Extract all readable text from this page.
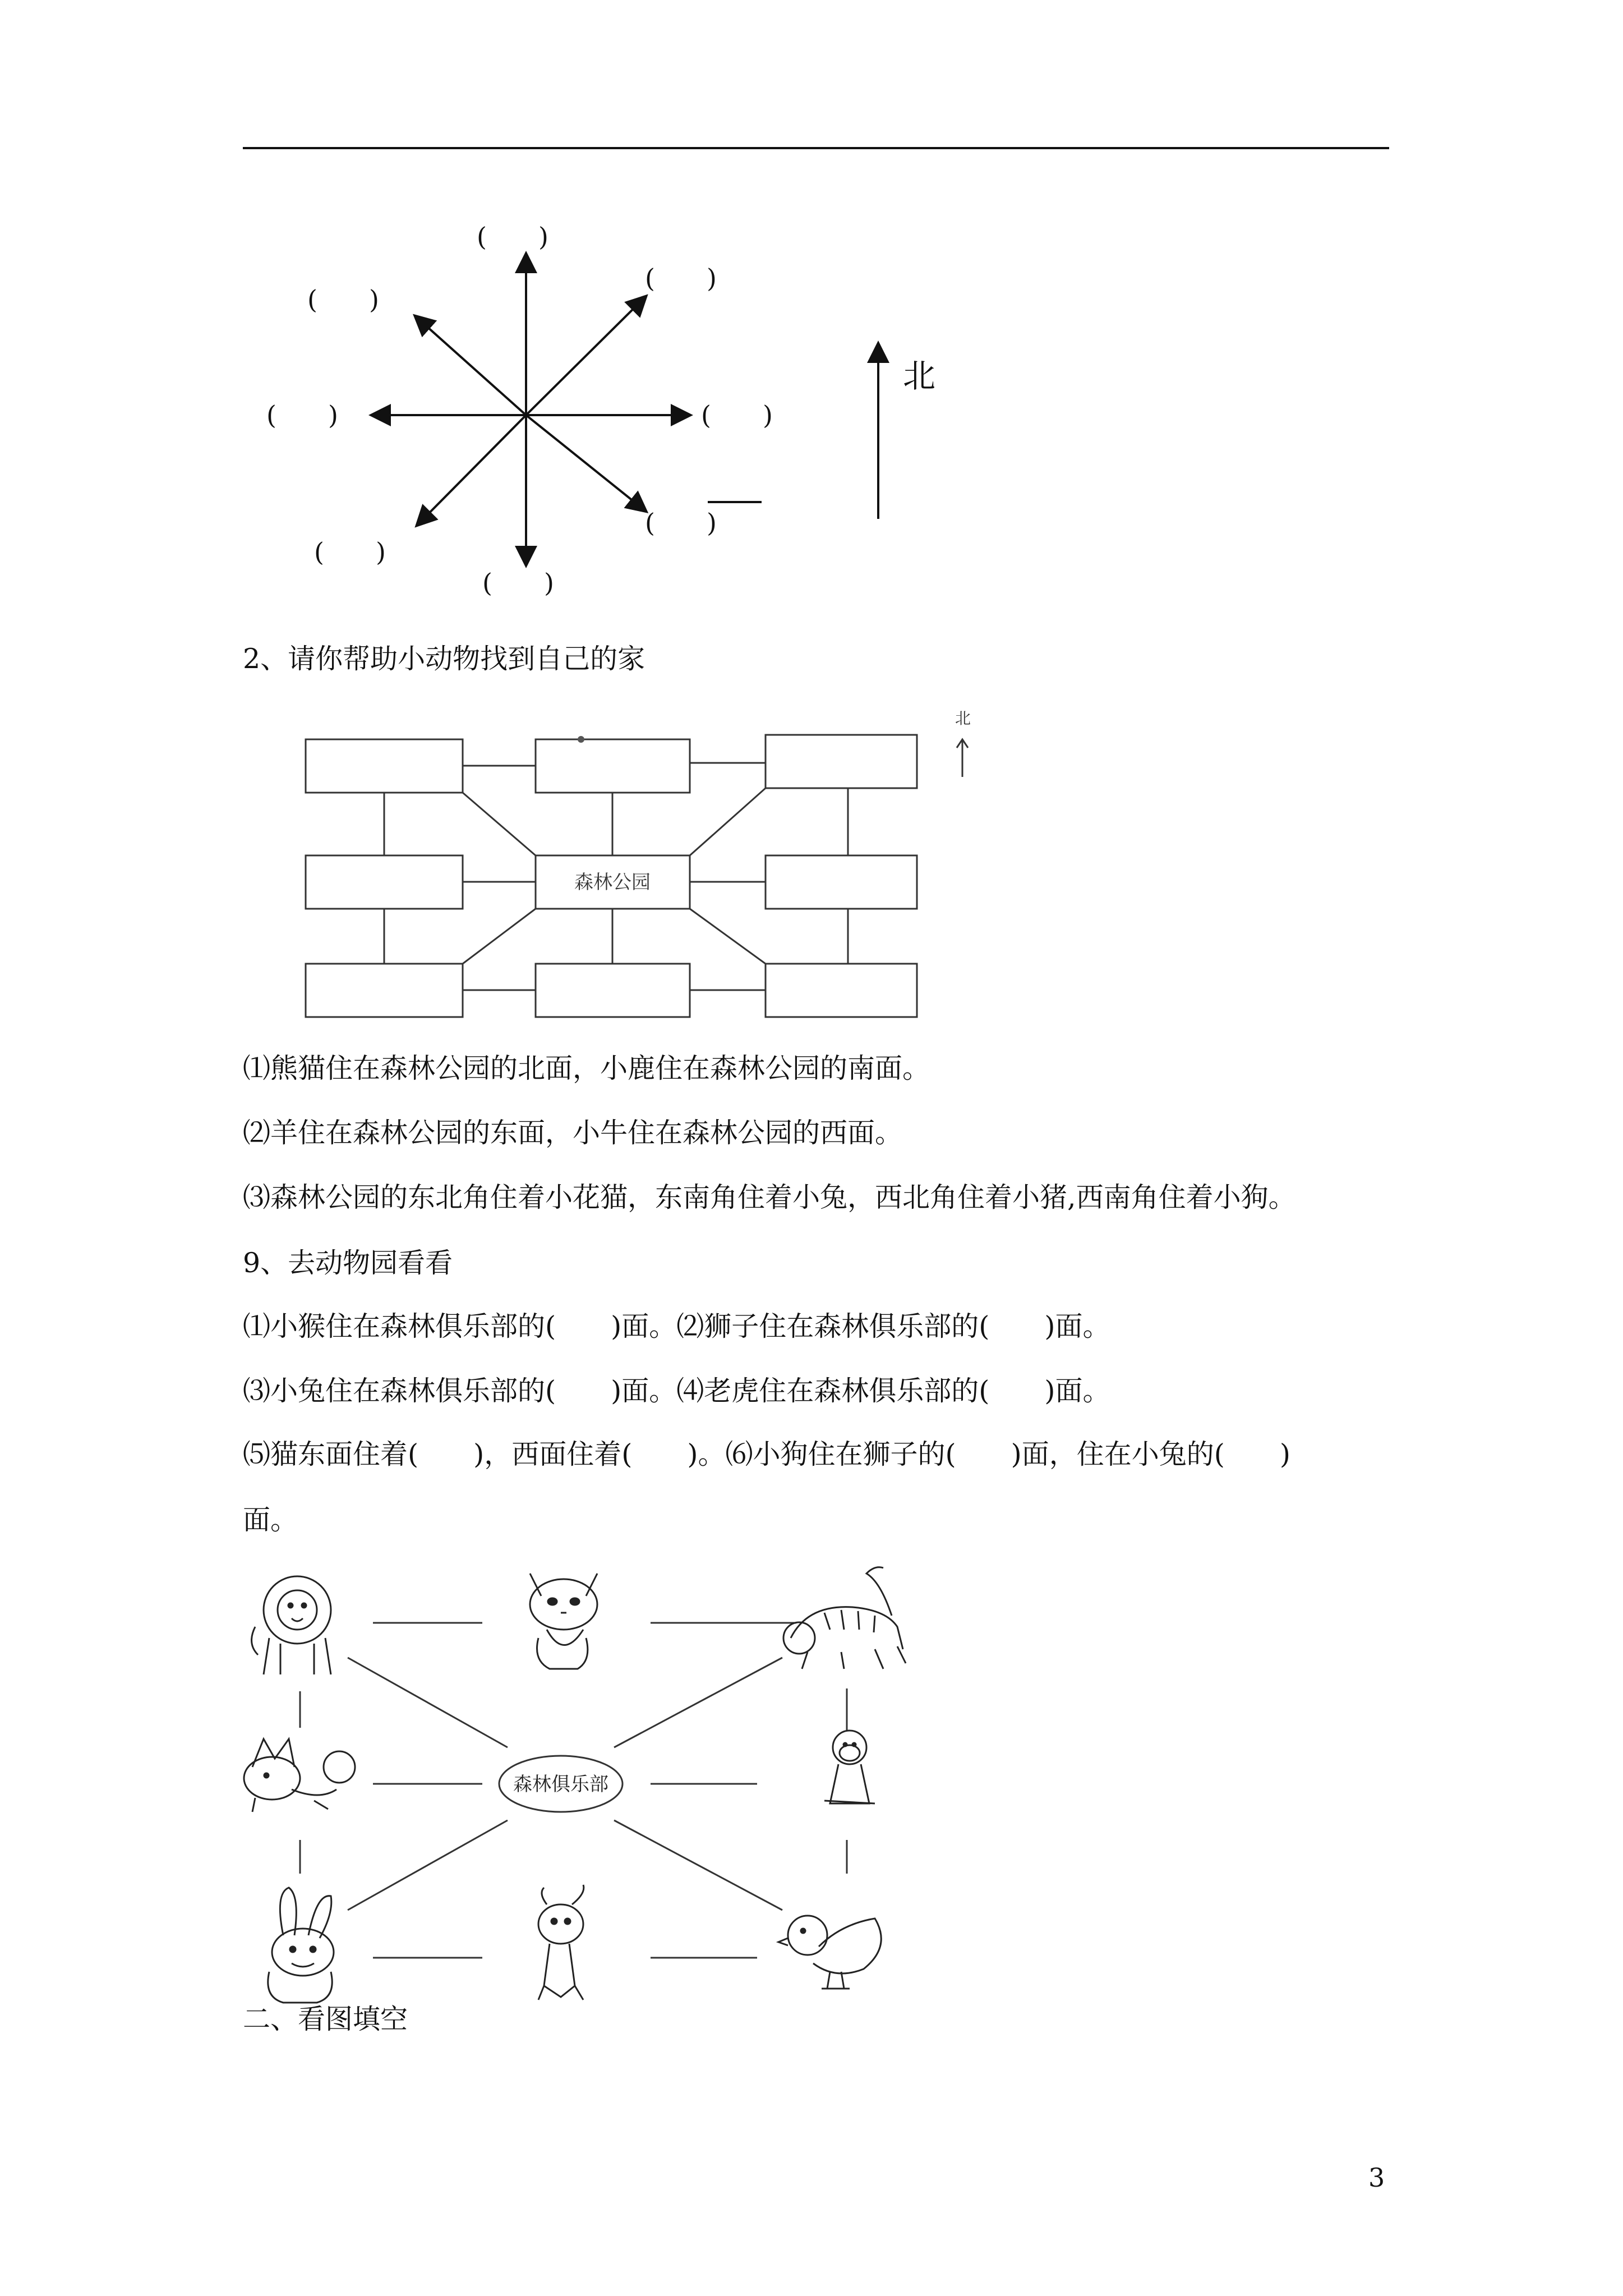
(　　)
(　　)
(　　)
(　　)	(　　)
(　　)
(　　)
(　　)
北
2、请你帮助小动物找到自己的家
北
森林公园
⑴熊猫住在森林公园的北面，小鹿住在森林公园的南面。
⑵羊住在森林公园的东面，小牛住在森林公园的西面。
⑶森林公园的东北角住着小花猫，东南角住着小兔，西北角住着小猪,西南角住着小狗。
9、去动物园看看
⑴小猴住在森林俱乐部的(　　)面。⑵狮子住在森林俱乐部的(　　)面。
⑶小兔住在森林俱乐部的(　　)面。⑷老虎住在森林俱乐部的(　　)面。
⑸猫东面住着(　　)，西面住着(　　)。⑹小狗住在狮子的(　　)面，住在小兔的(　　)
面。
森林俱乐部
二、看图填空
3
